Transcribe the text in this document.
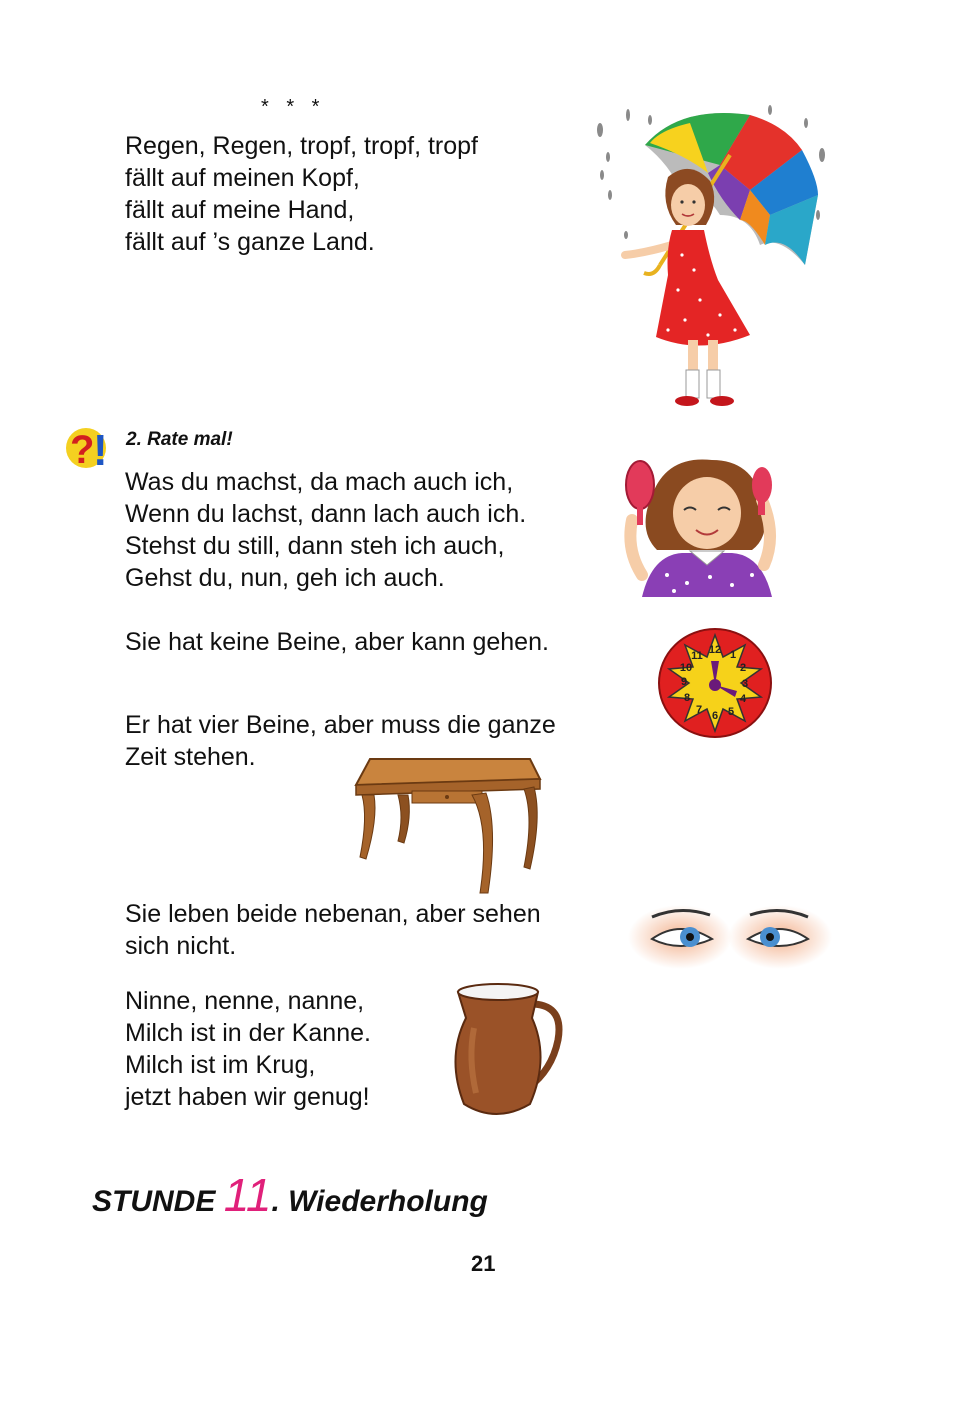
* * *
Regen, Regen, tropf, tropf, tropf
fällt auf meinen Kopf,
fällt auf meine Hand,
fällt auf ’s ganze Land.
?
! 2. Rate mal!
Was du machst, da mach auch ich,
Wenn du lachst, dann lach auch ich.
Stehst du still, dann steh ich auch,
Gehst du, nun, geh ich auch.
Sie hat keine Beine, aber kann gehen.	12 1
2
3
4
5
6
7
8
9
10
11
Er hat vier Beine, aber muss die ganze
Zeit stehen.
Sie leben beide nebenan, aber sehen
sich nicht.
Ninne, nenne, nanne,
Milch ist in der Kanne.
Milch ist im Krug,
jetzt haben wir genug!
STUNDE 11. Wiederholung
21
